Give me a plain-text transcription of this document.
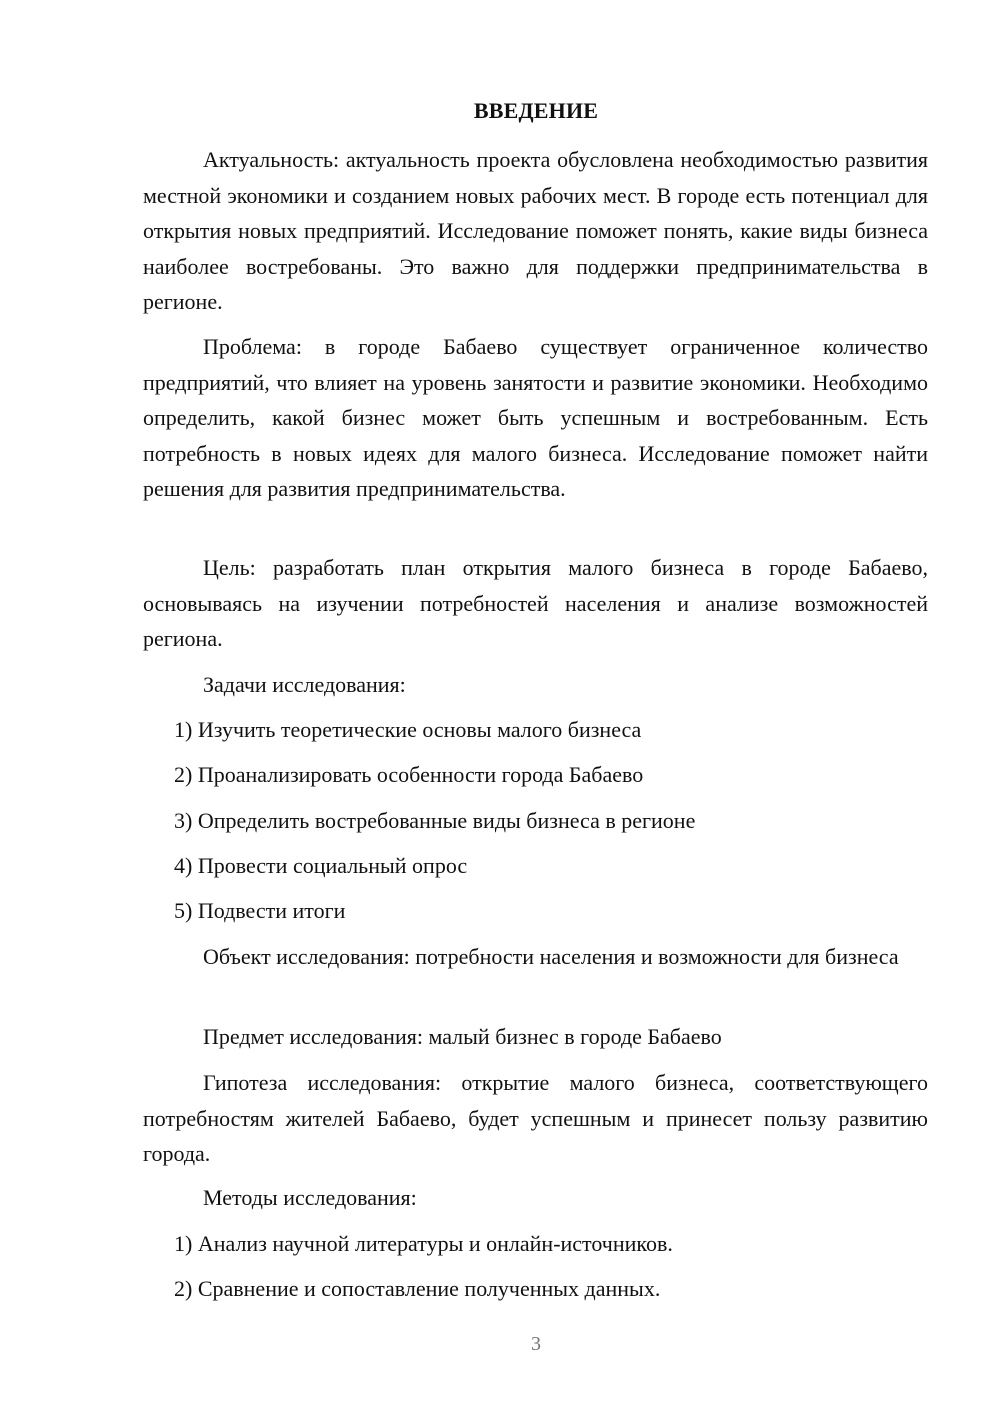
ВВЕДЕНИЕ

Актуальность: актуальность проекта обусловлена необходимостью развития местной экономики и созданием новых рабочих мест. В городе есть потенциал для открытия новых предприятий. Исследование поможет понять, какие виды бизнеса наиболее востребованы. Это важно для поддержки предпринимательства в регионе.

Проблема: в городе Бабаево существует ограниченное количество предприятий, что влияет на уровень занятости и развитие экономики. Необходимо определить, какой бизнес может быть успешным и востребованным. Есть потребность в новых идеях для малого бизнеса. Исследование поможет найти решения для развития предпринимательства.

Цель: разработать план открытия малого бизнеса в городе Бабаево, основываясь на изучении потребностей населения и анализе возможностей региона.

Задачи исследования:

1) Изучить теоретические основы малого бизнеса

2) Проанализировать особенности города Бабаево

3) Определить востребованные виды бизнеса в регионе

4) Провести социальный опрос

5) Подвести итоги

Объект исследования: потребности населения и возможности для бизнеса

Предмет исследования: малый бизнес в городе Бабаево

Гипотеза исследования: открытие малого бизнеса, соответствующего потребностям жителей Бабаево, будет успешным и принесет пользу развитию города.

Методы исследования:

1) Анализ научной литературы и онлайн-источников.

2) Сравнение и сопоставление полученных данных.

3
